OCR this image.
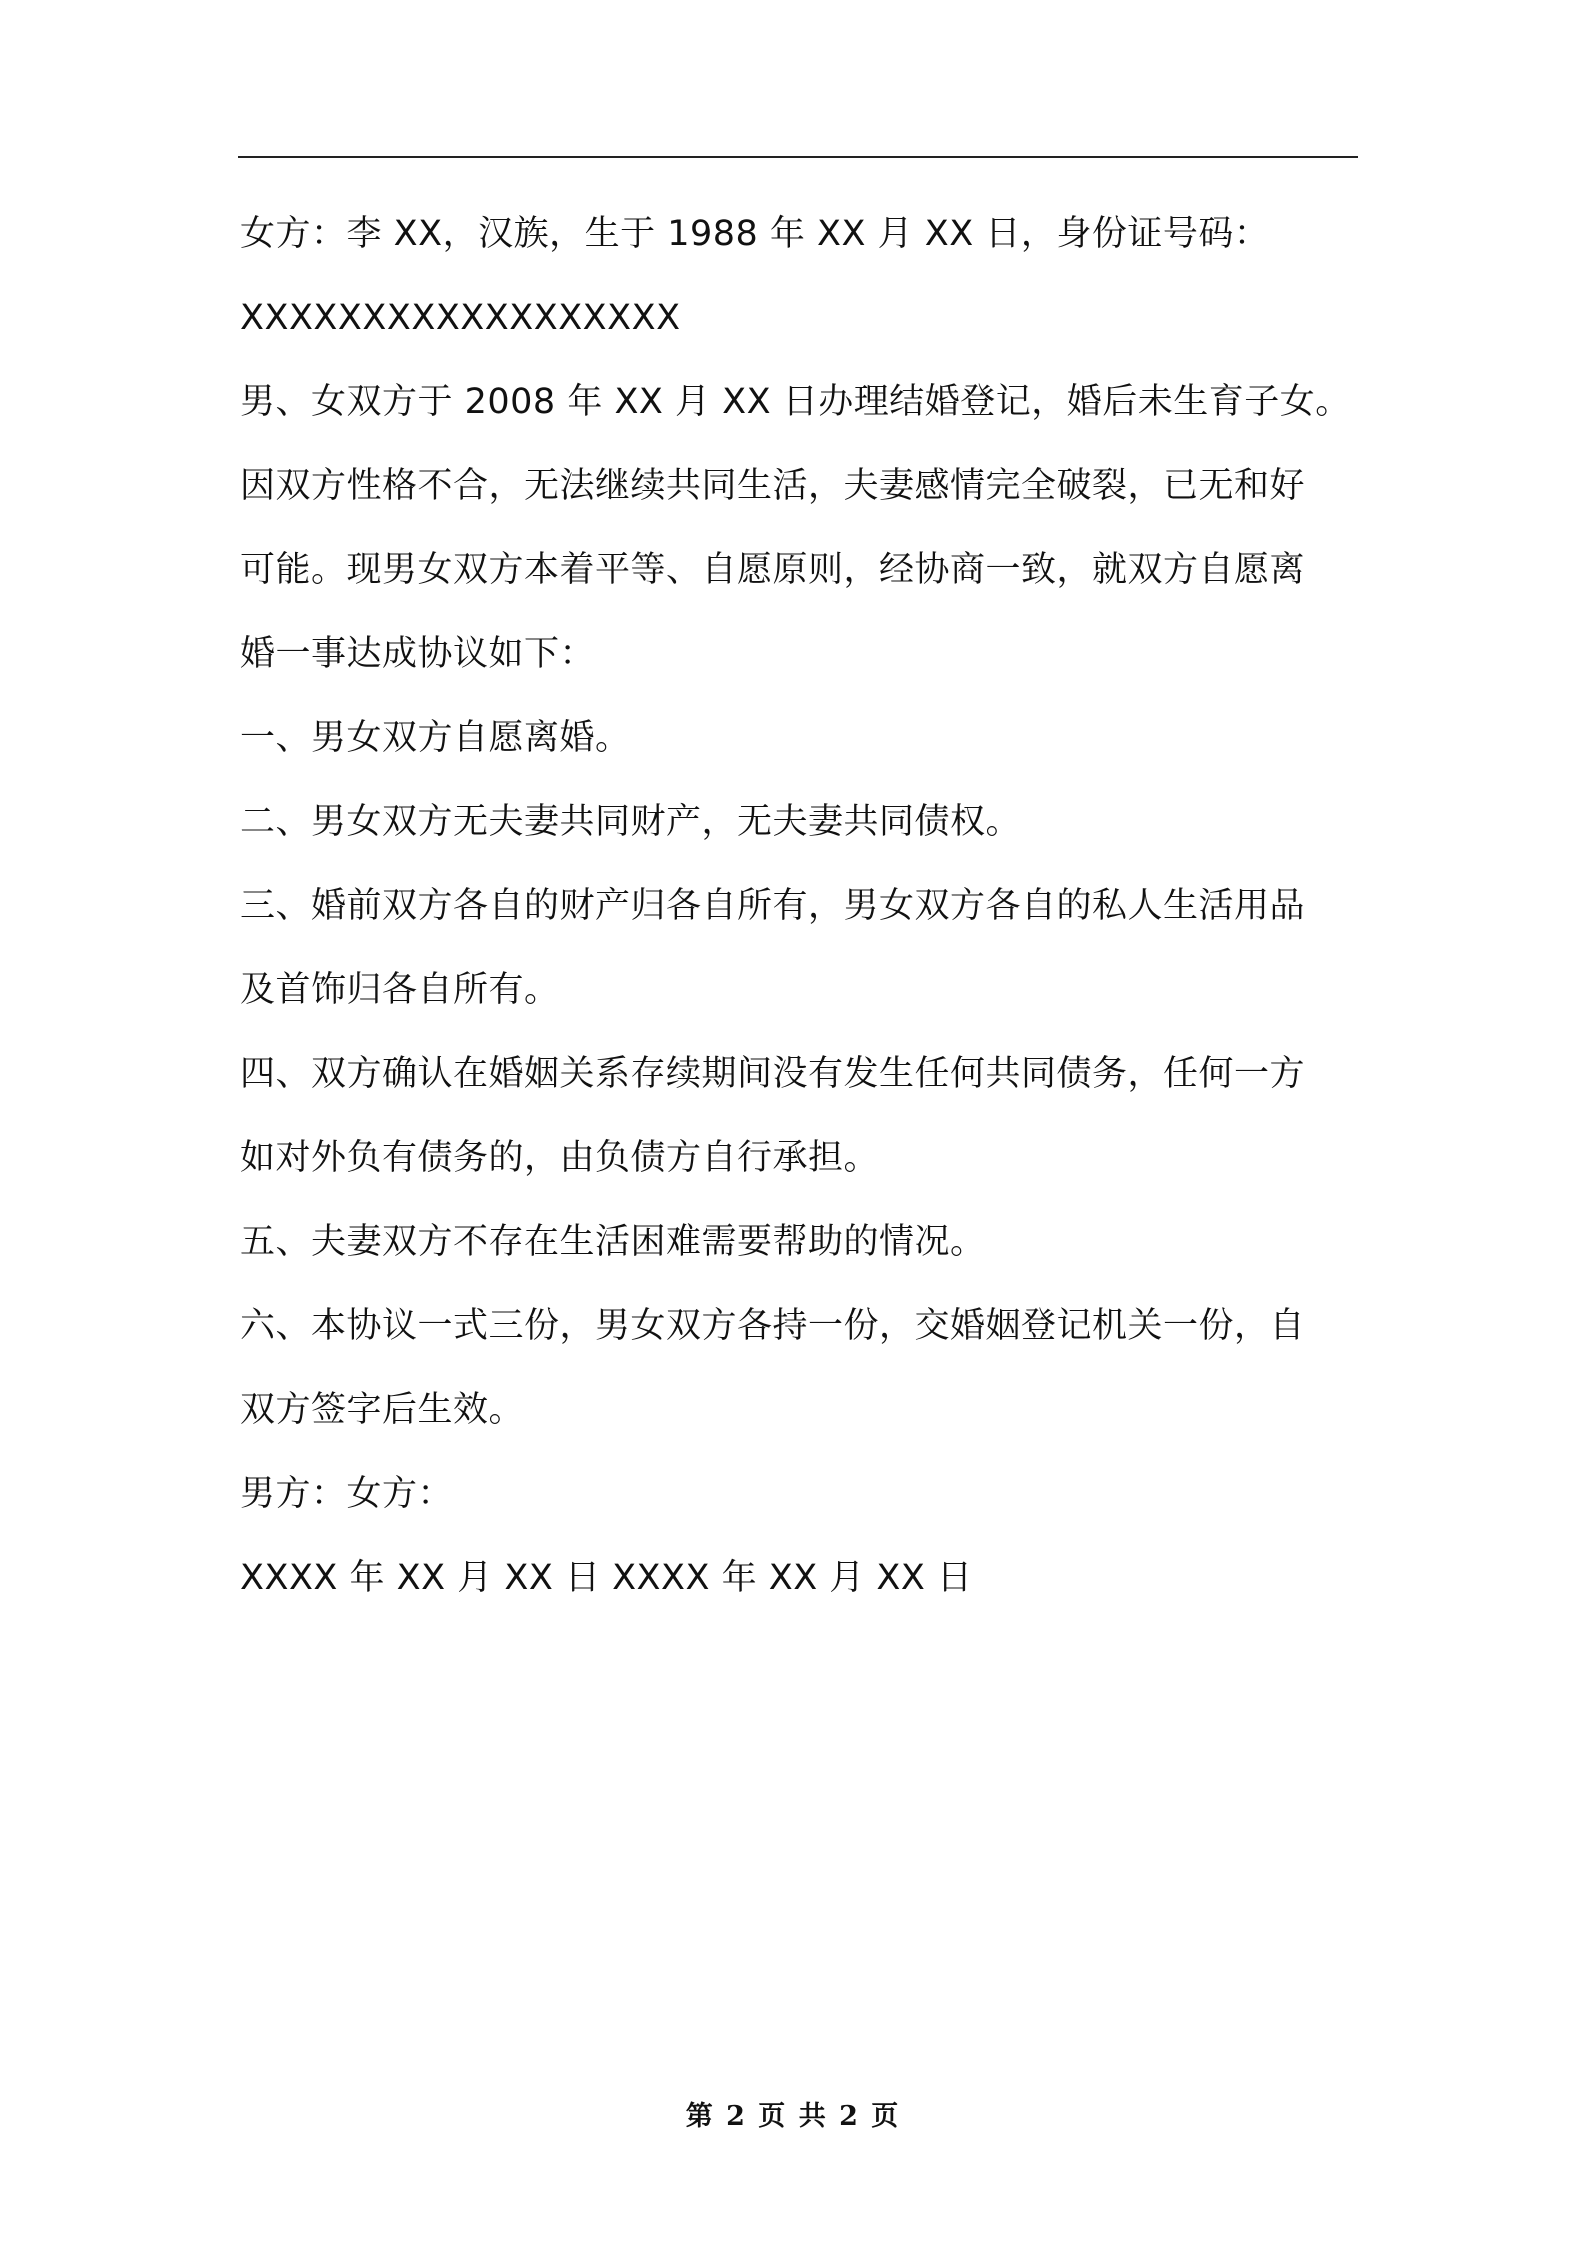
女方：李 XX，汉族，生于 1988 年 XX 月 XX 日，身份证号码：
XXXXXXXXXXXXXXXXXX
男、女双方于 2008 年 XX 月 XX 日办理结婚登记，婚后未生育子女。
因双方性格不合，无法继续共同生活，夫妻感情完全破裂，已无和好
可能。现男女双方本着平等、自愿原则，经协商一致，就双方自愿离
婚一事达成协议如下：
一、男女双方自愿离婚。
二、男女双方无夫妻共同财产，无夫妻共同债权。
三、婚前双方各自的财产归各自所有，男女双方各自的私人生活用品
及首饰归各自所有。
四、双方确认在婚姻关系存续期间没有发生任何共同债务，任何一方
如对外负有债务的，由负债方自行承担。
五、夫妻双方不存在生活困难需要帮助的情况。
六、本协议一式三份，男女双方各持一份，交婚姻登记机关一份，自
双方签字后生效。
男方：女方：
XXXX 年 XX 月 XX 日 XXXX 年 XX 月 XX 日
第 2 页 共 2 页
